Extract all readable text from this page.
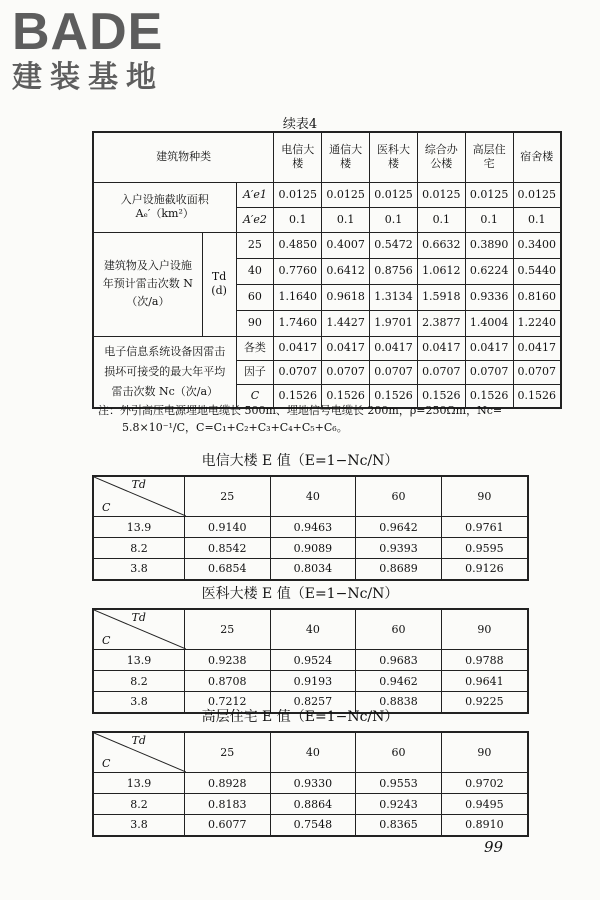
BADE
建装基地
续表4
建筑物种类			电信大楼	通信大楼	医科大楼	综合办公楼	高层住宅	宿舍楼

入户设施截收面积
Aₑ′（km²）		A′e1	0.0125	0.0125	0.0125	0.0125	0.0125	0.0125
		A′e2	0.1	0.1	0.1	0.1	0.1	0.1
建筑物及入户设施年预计雷击次数 N（次/a）	Td (d)	25	0.4850	0.4007	0.5472	0.6632	0.3890	0.3400
		40	0.7760	0.6412	0.8756	1.0612	0.6224	0.5440
		60	1.1640	0.9618	1.3134	1.5918	0.9336	0.8160
		90	1.7460	1.4427	1.9701	2.3877	1.4004	1.2240
电子信息系统设备因雷击损坏可接受的最大年平均雷击次数 Nc（次/a）		各类	0.0417	0.0417	0.0417	0.0417	0.0417	0.0417
		因子	0.0707	0.0707	0.0707	0.0707	0.0707	0.0707
		C	0.1526	0.1526	0.1526	0.1526	0.1526	0.1526
注：外引高压电源埋地电缆长 500m、埋地信号电缆长 200m，ρ=250Ωm，Nc=
5.8×10⁻¹/C，C=C₁+C₂+C₃+C₄+C₅+C₆。
电信大楼 E 值（E=1−Nc/N）
C
Td	25	40	60	90
13.9	0.9140	0.9463	0.9642	0.9761
8.2	0.8542	0.9089	0.9393	0.9595
3.8	0.6854	0.8034	0.8689	0.9126
医科大楼 E 值（E=1−Nc/N）
C
Td	25	40	60	90
13.9	0.9238	0.9524	0.9683	0.9788
8.2	0.8708	0.9193	0.9462	0.9641
3.8	0.7212	0.8257	0.8838	0.9225
高层住宅 E 值（E=1−Nc/N）
C
Td	25	40	60	90
13.9	0.8928	0.9330	0.9553	0.9702
8.2	0.8183	0.8864	0.9243	0.9495
3.8	0.6077	0.7548	0.8365	0.8910
99
